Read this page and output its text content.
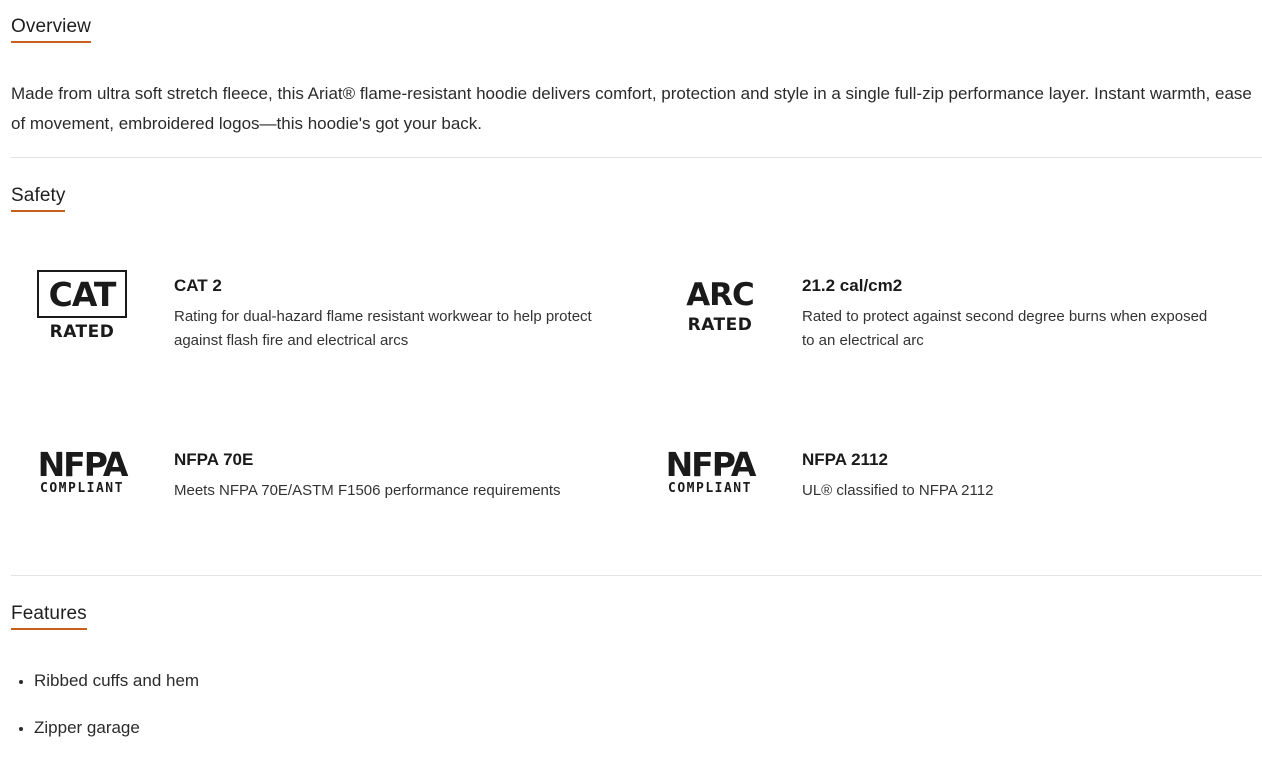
Overview

Made from ultra soft stretch fleece, this Ariat® flame-resistant hoodie delivers comfort, protection and style in a single full-zip performance layer. Instant warmth, ease of movement, embroidered logos—this hoodie's got your back.

Safety
CAT
RATED
CAT 2
Rating for dual-hazard flame resistant workwear to help protect against flash fire and electrical arcs
ARC
RATED
21.2 cal/cm2
Rated to protect against second degree burns when exposed to an electrical arc
NFPA
COMPLIANT
NFPA 70E
Meets NFPA 70E/ASTM F1506 performance requirements
NFPA
COMPLIANT
NFPA 2112
UL® classified to NFPA 2112
Features
• Ribbed cuffs and hem
• Zipper garage
